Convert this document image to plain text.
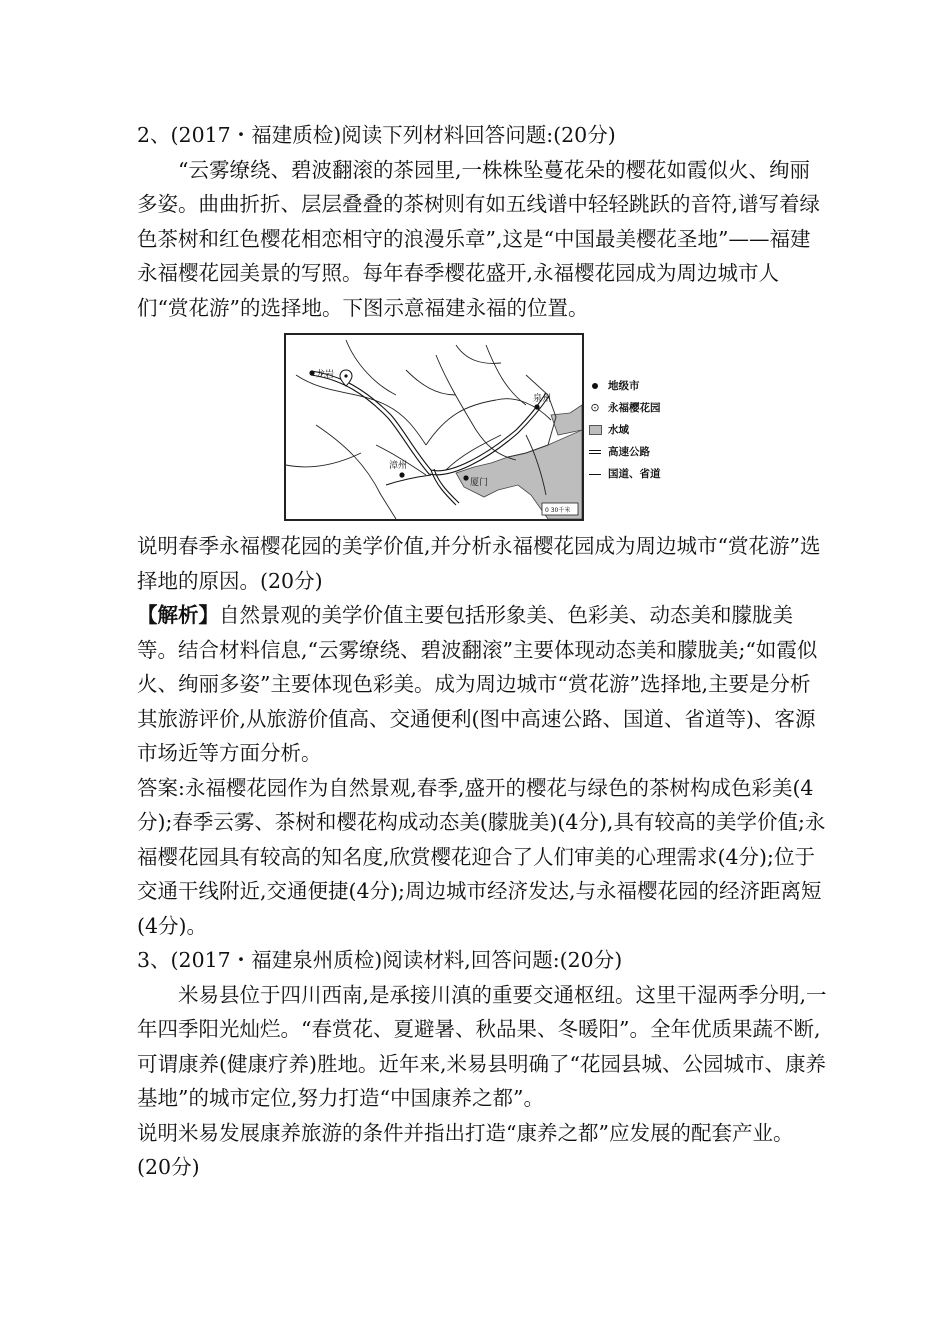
2、(2017・福建质检)阅读下列材料回答问题:(20分)

“云雾缭绕、碧波翻滚的茶园里,一株株坠蔓花朵的樱花如霞似火、绚丽多姿。曲曲折折、层层叠叠的茶树则有如五线谱中轻轻跳跃的音符,谱写着绿色茶树和红色樱花相恋相守的浪漫乐章”,这是“中国最美樱花圣地”——福建永福樱花园美景的写照。每年春季樱花盛开,永福樱花园成为周边城市人们“赏花游”的选择地。下图示意福建永福的位置。

龙岩
泉州
漳州
厦门
0 30千米
地级市
⊙ 永福樱花园
水域
高速公路
国道、省道

说明春季永福樱花园的美学价值,并分析永福樱花园成为周边城市“赏花游”选择地的原因。(20分)

【解析】自然景观的美学价值主要包括形象美、色彩美、动态美和朦胧美等。结合材料信息,“云雾缭绕、碧波翻滚”主要体现动态美和朦胧美;“如霞似火、绚丽多姿”主要体现色彩美。成为周边城市“赏花游”选择地,主要是分析其旅游评价,从旅游价值高、交通便利(图中高速公路、国道、省道等)、客源市场近等方面分析。

答案:永福樱花园作为自然景观,春季,盛开的樱花与绿色的茶树构成色彩美(4分);春季云雾、茶树和樱花构成动态美(朦胧美)(4分),具有较高的美学价值;永福樱花园具有较高的知名度,欣赏樱花迎合了人们审美的心理需求(4分);位于交通干线附近,交通便捷(4分);周边城市经济发达,与永福樱花园的经济距离短(4分)。

3、(2017・福建泉州质检)阅读材料,回答问题:(20分)

米易县位于四川西南,是承接川滇的重要交通枢纽。这里干湿两季分明,一年四季阳光灿烂。“春赏花、夏避暑、秋品果、冬暖阳”。全年优质果蔬不断,可谓康养(健康疗养)胜地。近年来,米易县明确了“花园县城、公园城市、康养基地”的城市定位,努力打造“中国康养之都”。

说明米易发展康养旅游的条件并指出打造“康养之都”应发展的配套产业。(20分)
